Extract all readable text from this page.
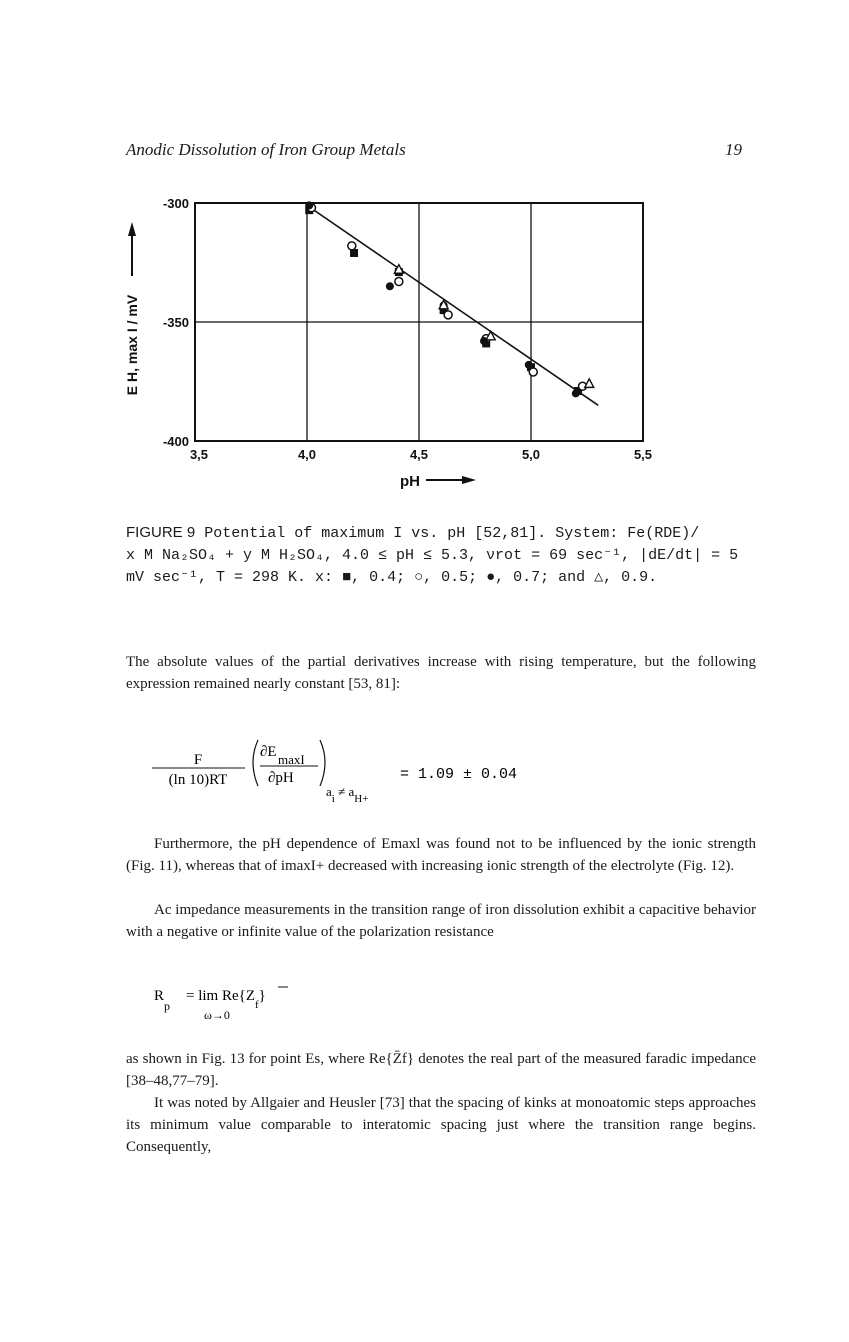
Anodic Dissolution of Iron Group Metals	19
3,5	4,0	4,5	5,0	5,5
-300
-350
-400
pH
E H, max I / mV
FIGURE 9 Potential of maximum I vs. pH [52,81]. System: Fe(RDE)/
x M Na₂SO₄ + y M H₂SO₄, 4.0 ≤ pH ≤ 5.3, νrot = 69 sec⁻¹, |dE/dt| = 5
mV sec⁻¹, T = 298 K. x: ■, 0.4; ○, 0.5; ●, 0.7; and △, 0.9.
The absolute values of the partial derivatives increase with rising temperature, but the following expression remained nearly constant [53, 81]:
F
(ln 10)RT
∂E maxI
∂pH
$a_i \ne a_{H+}$
= 1.09 ± 0.04
Furthermore, the pH dependence of Emaxl was found not to be influenced by the ionic strength (Fig. 11), whereas that of imaxI+ decreased with increasing ionic strength of the electrolyte (Fig. 12).
Ac impedance measurements in the transition range of iron dissolution exhibit a capacitive behavior with a negative or infinite value of the polarization resistance
R
p
= $\lim Re\{Z_f\}$
ω→0
as shown in Fig. 13 for point Es, where Re{Z̄f} denotes the real part of the measured faradic impedance [38–48,77–79].
It was noted by Allgaier and Heusler [73] that the spacing of kinks at monoatomic steps approaches its minimum value comparable to interatomic spacing just where the transition range begins. Consequently,
